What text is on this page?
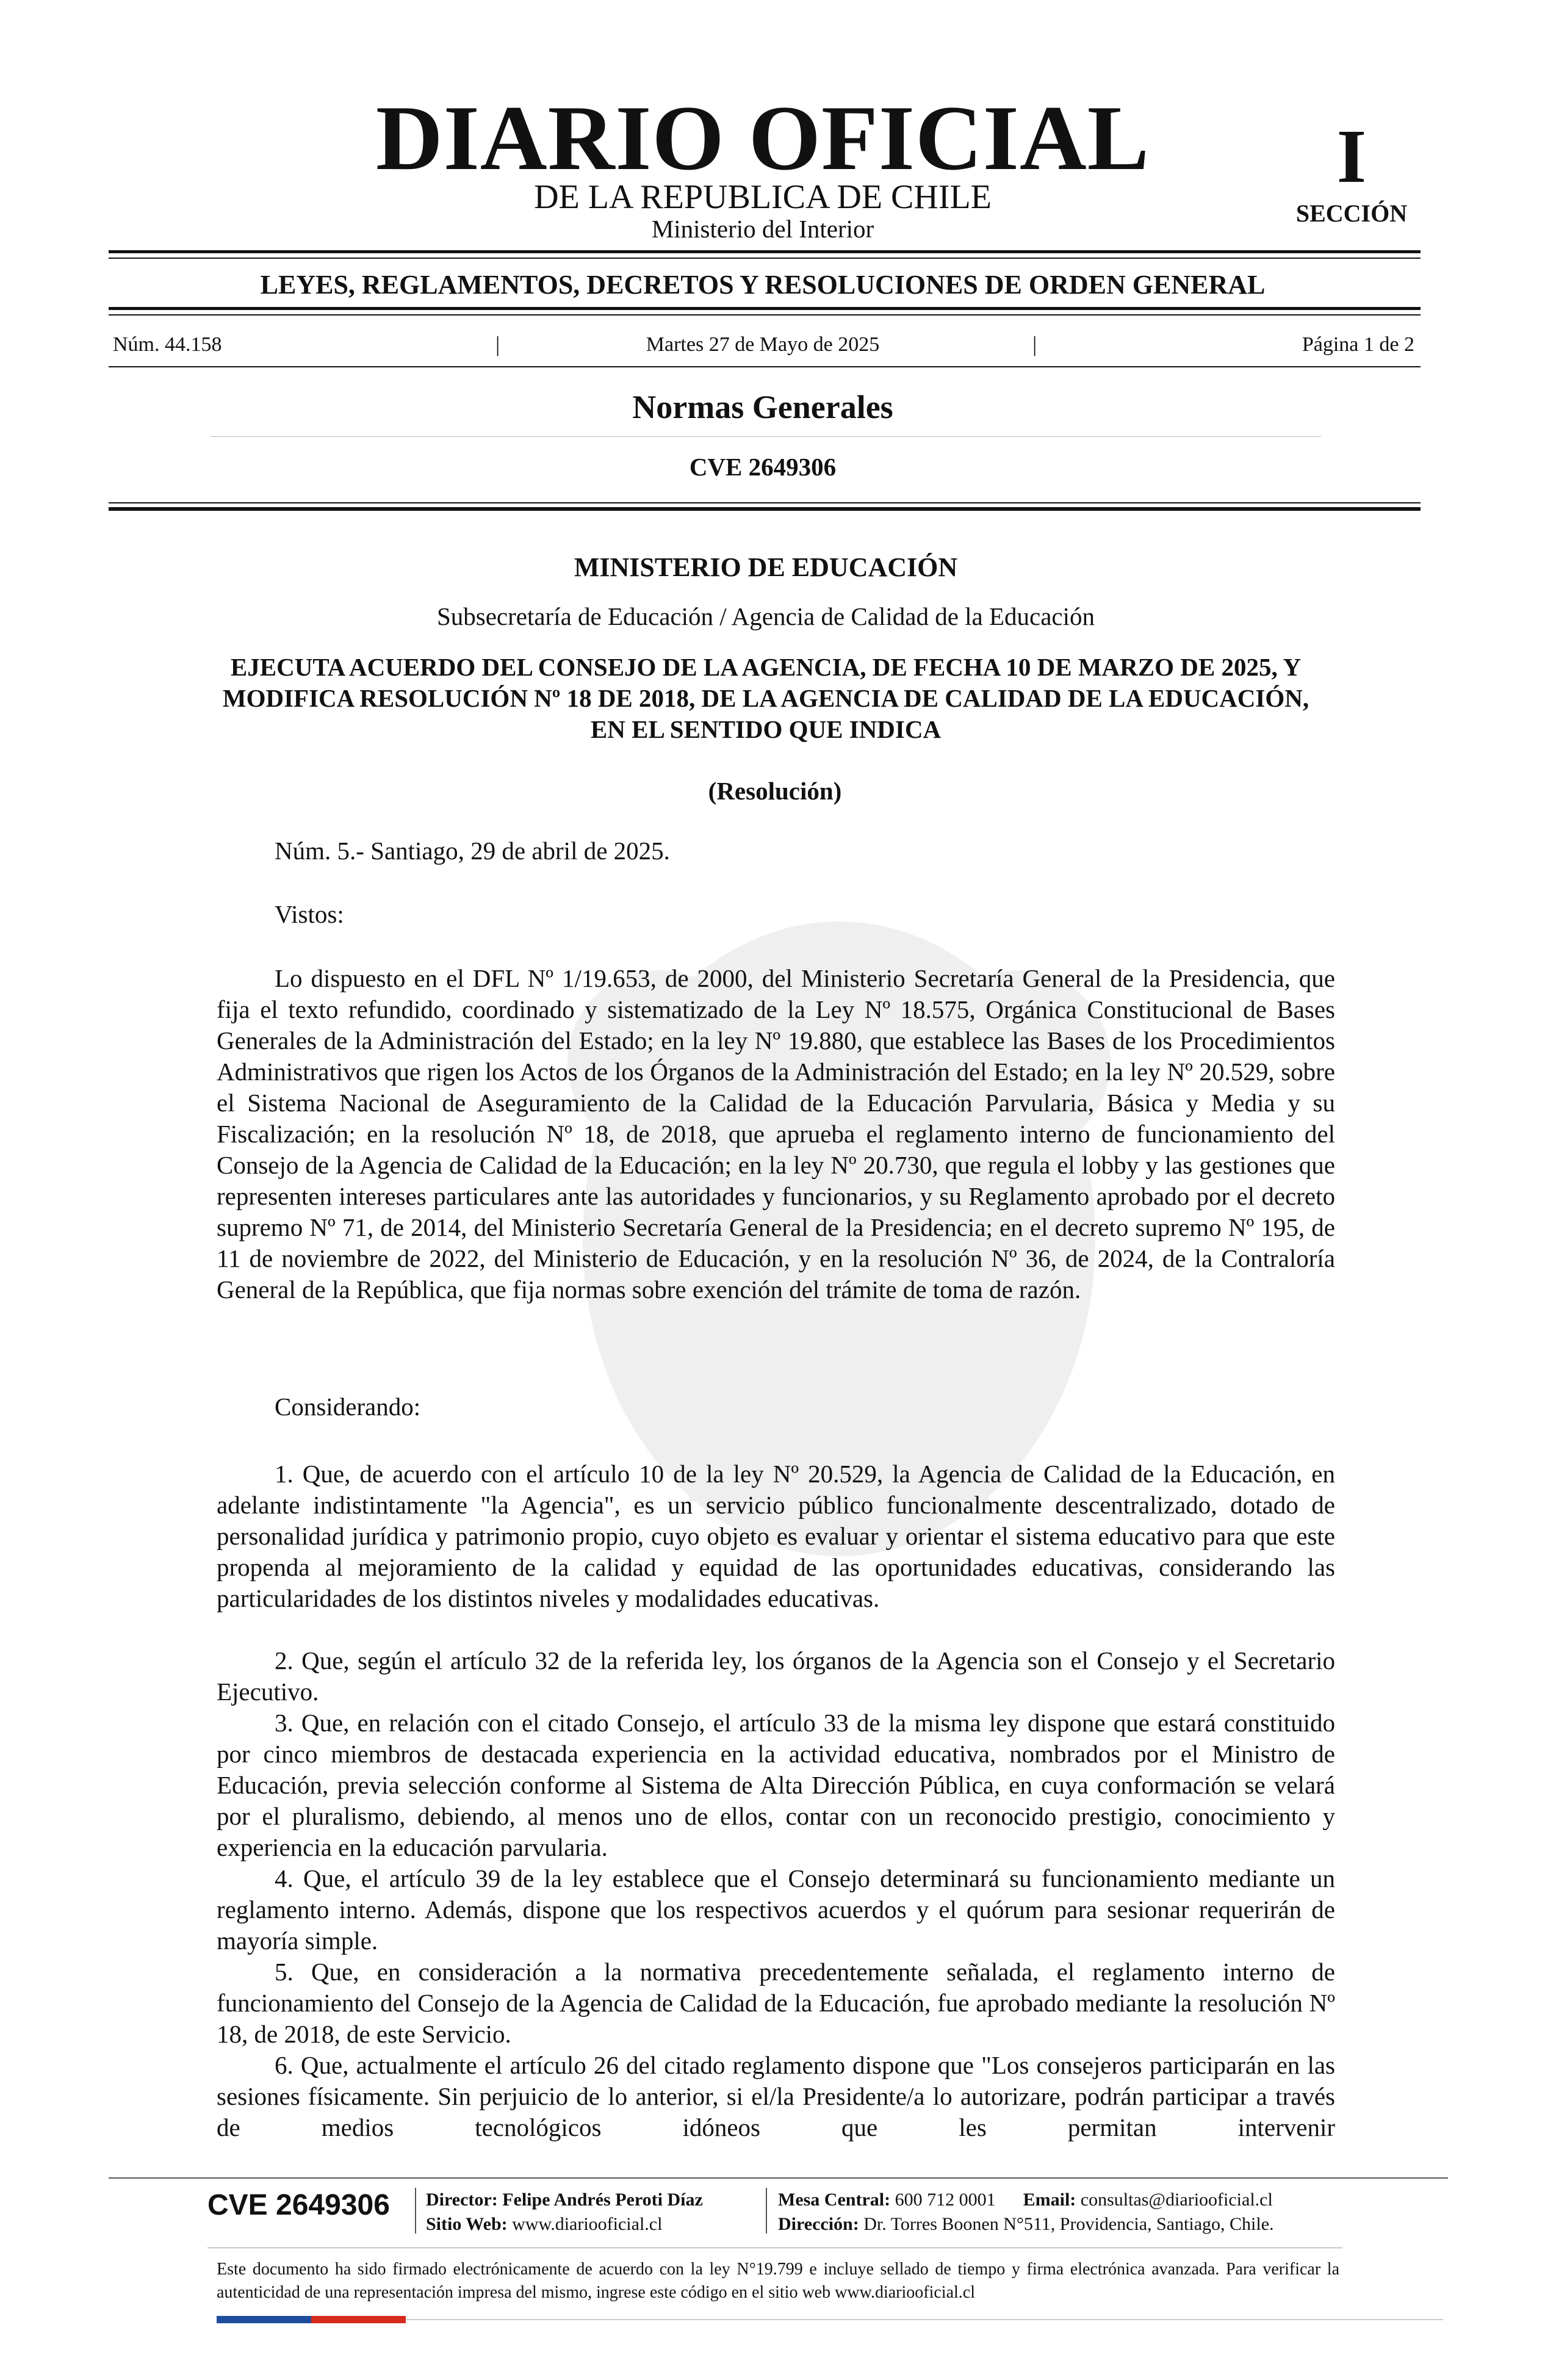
DIARIO OFICIAL
DE LA REPUBLICA DE CHILE
Ministerio del Interior
I
SECCIÓN
LEYES, REGLAMENTOS, DECRETOS Y RESOLUCIONES DE ORDEN GENERAL
Núm. 44.158	|	Martes 27 de Mayo de 2025	|	Página 1 de 2
Normas Generales
CVE 2649306
MINISTERIO DE EDUCACIÓN
Subsecretaría de Educación / Agencia de Calidad de la Educación
EJECUTA ACUERDO DEL CONSEJO DE LA AGENCIA, DE FECHA 10 DE MARZO DE 2025, Y MODIFICA RESOLUCIÓN Nº 18 DE 2018, DE LA AGENCIA DE CALIDAD DE LA EDUCACIÓN, EN EL SENTIDO QUE INDICA
(Resolución)
Núm. 5.- Santiago, 29 de abril de 2025.
Vistos:
Lo dispuesto en el DFL Nº 1/19.653, de 2000, del Ministerio Secretaría General de la Presidencia, que fija el texto refundido, coordinado y sistematizado de la Ley Nº 18.575, Orgánica Constitucional de Bases Generales de la Administración del Estado; en la ley Nº 19.880, que establece las Bases de los Procedimientos Administrativos que rigen los Actos de los Órganos de la Administración del Estado; en la ley Nº 20.529, sobre el Sistema Nacional de Aseguramiento de la Calidad de la Educación Parvularia, Básica y Media y su Fiscalización; en la resolución Nº 18, de 2018, que aprueba el reglamento interno de funcionamiento del Consejo de la Agencia de Calidad de la Educación; en la ley Nº 20.730, que regula el lobby y las gestiones que representen intereses particulares ante las autoridades y funcionarios, y su Reglamento aprobado por el decreto supremo Nº 71, de 2014, del Ministerio Secretaría General de la Presidencia; en el decreto supremo Nº 195, de 11 de noviembre de 2022, del Ministerio de Educación, y en la resolución Nº 36, de 2024, de la Contraloría General de la República, que fija normas sobre exención del trámite de toma de razón.
Considerando:
1. Que, de acuerdo con el artículo 10 de la ley Nº 20.529, la Agencia de Calidad de la Educación, en adelante indistintamente "la Agencia", es un servicio público funcionalmente descentralizado, dotado de personalidad jurídica y patrimonio propio, cuyo objeto es evaluar y orientar el sistema educativo para que este propenda al mejoramiento de la calidad y equidad de las oportunidades educativas, considerando las particularidades de los distintos niveles y modalidades educativas.
2. Que, según el artículo 32 de la referida ley, los órganos de la Agencia son el Consejo y el Secretario Ejecutivo.
3. Que, en relación con el citado Consejo, el artículo 33 de la misma ley dispone que estará constituido por cinco miembros de destacada experiencia en la actividad educativa, nombrados por el Ministro de Educación, previa selección conforme al Sistema de Alta Dirección Pública, en cuya conformación se velará por el pluralismo, debiendo, al menos uno de ellos, contar con un reconocido prestigio, conocimiento y experiencia en la educación parvularia.
4. Que, el artículo 39 de la ley establece que el Consejo determinará su funcionamiento mediante un reglamento interno. Además, dispone que los respectivos acuerdos y el quórum para sesionar requerirán de mayoría simple.
5. Que, en consideración a la normativa precedentemente señalada, el reglamento interno de funcionamiento del Consejo de la Agencia de Calidad de la Educación, fue aprobado mediante la resolución Nº 18, de 2018, de este Servicio.
6. Que, actualmente el artículo 26 del citado reglamento dispone que "Los consejeros participarán en las sesiones físicamente. Sin perjuicio de lo anterior, si el/la Presidente/a lo autorizare, podrán participar a través de medios tecnológicos idóneos que les permitan intervenir
CVE 2649306 Director: Felipe Andrés Peroti Díaz
Sitio Web: www.diariooficial.cl
Mesa Central: 600 712 0001 Email: consultas@diariooficial.cl
Dirección: Dr. Torres Boonen N°511, Providencia, Santiago, Chile.
Este documento ha sido firmado electrónicamente de acuerdo con la ley N°19.799 e incluye sellado de tiempo y firma electrónica avanzada. Para verificar la autenticidad de una representación impresa del mismo, ingrese este código en el sitio web www.diariooficial.cl
